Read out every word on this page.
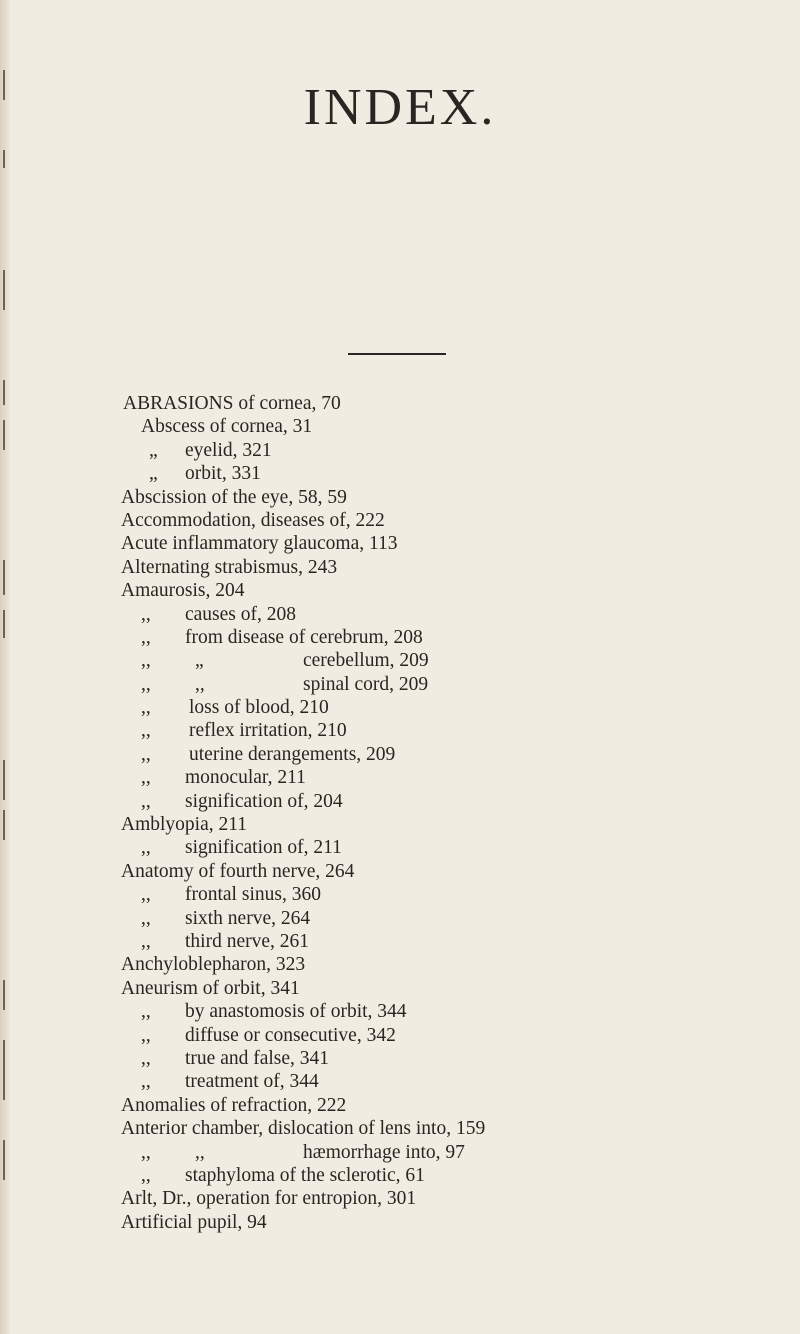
INDEX.
ABRASIONS of cornea, 70
Abscess of cornea, 31
„ eyelid, 321
„ orbit, 331
Abscission of the eye, 58, 59
Accommodation, diseases of, 222
Acute inflammatory glaucoma, 113
Alternating strabismus, 243
Amaurosis, 204
,, causes of, 208
,, from disease of cerebrum, 208
,, „	cerebellum, 209
,, ,,	spinal cord, 209
,, loss of blood, 210
,, reflex irritation, 210
,, uterine derangements, 209
,, monocular, 211
,, signification of, 204
Amblyopia, 211
,, signification of, 211
Anatomy of fourth nerve, 264
,, frontal sinus, 360
,, sixth nerve, 264
,, third nerve, 261
Anchyloblepharon, 323
Aneurism of orbit, 341
,, by anastomosis of orbit, 344
,, diffuse or consecutive, 342
,, true and false, 341
,, treatment of, 344
Anomalies of refraction, 222
Anterior chamber, dislocation of lens into, 159
,, ,,	hæmorrhage into, 97
,, staphyloma of the sclerotic, 61
Arlt, Dr., operation for entropion, 301
Artificial pupil, 94
